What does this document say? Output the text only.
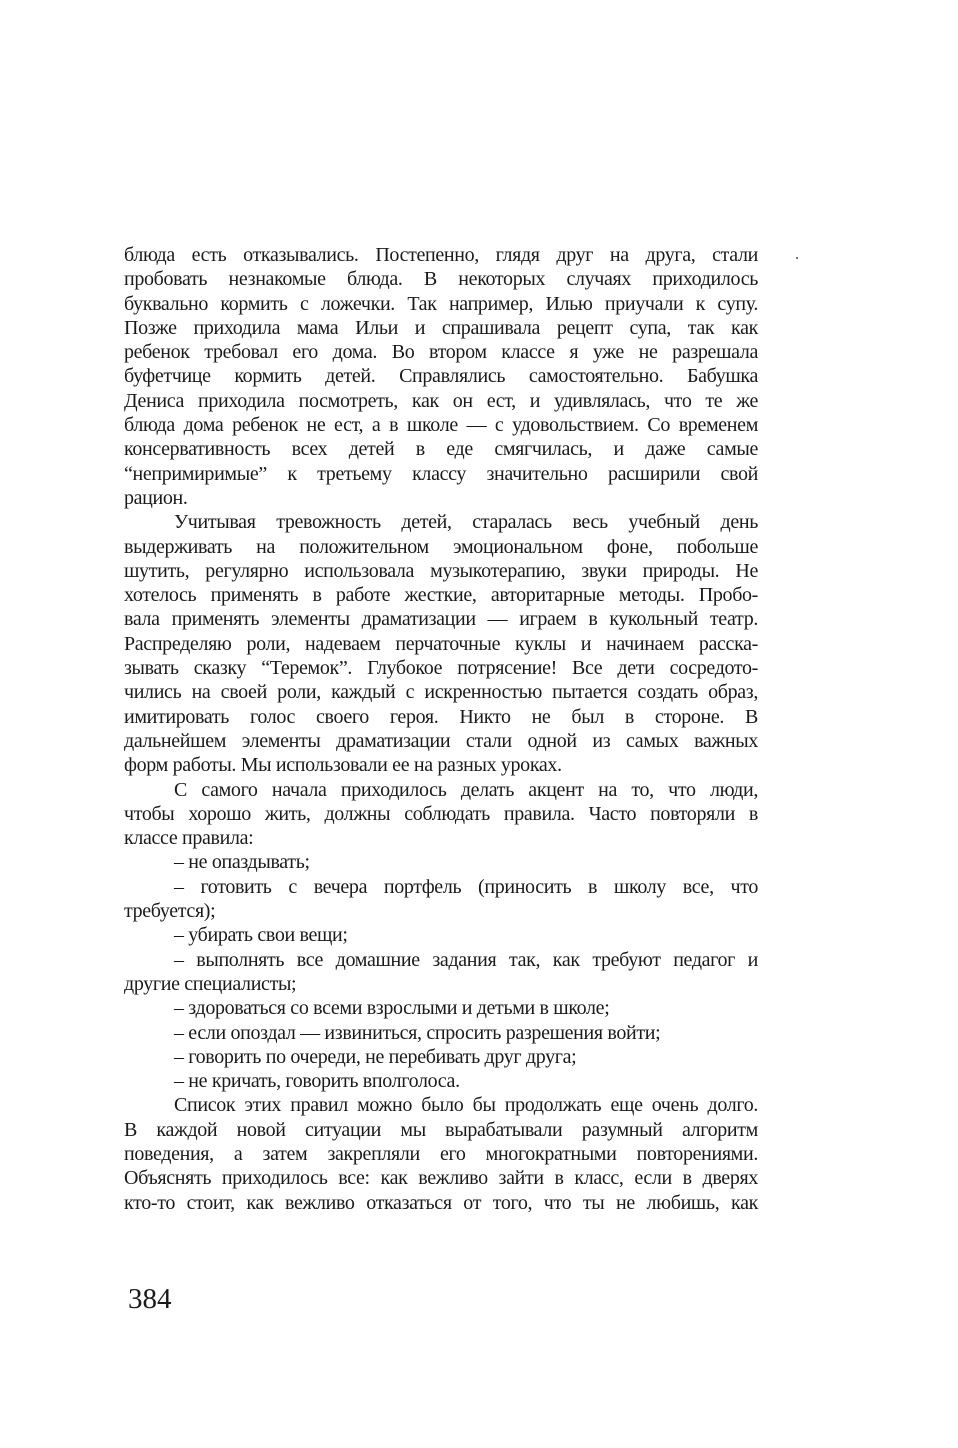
блюда есть отказывались. Постепенно, глядя друг на друга, стали
пробовать незнакомые блюда. В некоторых случаях приходилось
буквально кормить с ложечки. Так например, Илью приучали к супу.
Позже приходила мама Ильи и спрашивала рецепт супа, так как
ребенок требовал его дома. Во втором классе я уже не разрешала
буфетчице кормить детей. Справлялись самостоятельно. Бабушка
Дениса приходила посмотреть, как он ест, и удивлялась, что те же
блюда дома ребенок не ест, а в школе — с удовольствием. Со временем
консервативность всех детей в еде смягчилась, и даже самые
“непримиримые” к третьему классу значительно расширили свой
рацион.
Учитывая тревожность детей, старалась весь учебный день
выдерживать на положительном эмоциональном фоне, побольше
шутить, регулярно использовала музыкотерапию, звуки природы. Не
хотелось применять в работе жесткие, авторитарные методы. Пробо-
вала применять элементы драматизации — играем в кукольный театр.
Распределяю роли, надеваем перчаточные куклы и начинаем расска-
зывать сказку “Теремок”. Глубокое потрясение! Все дети сосредото-
чились на своей роли, каждый с искренностью пытается создать образ,
имитировать голос своего героя. Никто не был в стороне. В
дальнейшем элементы драматизации стали одной из самых важных
форм работы. Мы использовали ее на разных уроках.
С самого начала приходилось делать акцент на то, что люди,
чтобы хорошо жить, должны соблюдать правила. Часто повторяли в
классе правила:
– не опаздывать;
– готовить с вечера портфель (приносить в школу все, что
требуется);
– убирать свои вещи;
– выполнять все домашние задания так, как требуют педагог и
другие специалисты;
– здороваться со всеми взрослыми и детьми в школе;
– если опоздал — извиниться, спросить разрешения войти;
– говорить по очереди, не перебивать друг друга;
– не кричать, говорить вполголоса.
Список этих правил можно было бы продолжать еще очень долго.
В каждой новой ситуации мы вырабатывали разумный алгоритм
поведения, а затем закрепляли его многократными повторениями.
Объяснять приходилось все: как вежливо зайти в класс, если в дверях
кто-то стоит, как вежливо отказаться от того, что ты не любишь, как
384
